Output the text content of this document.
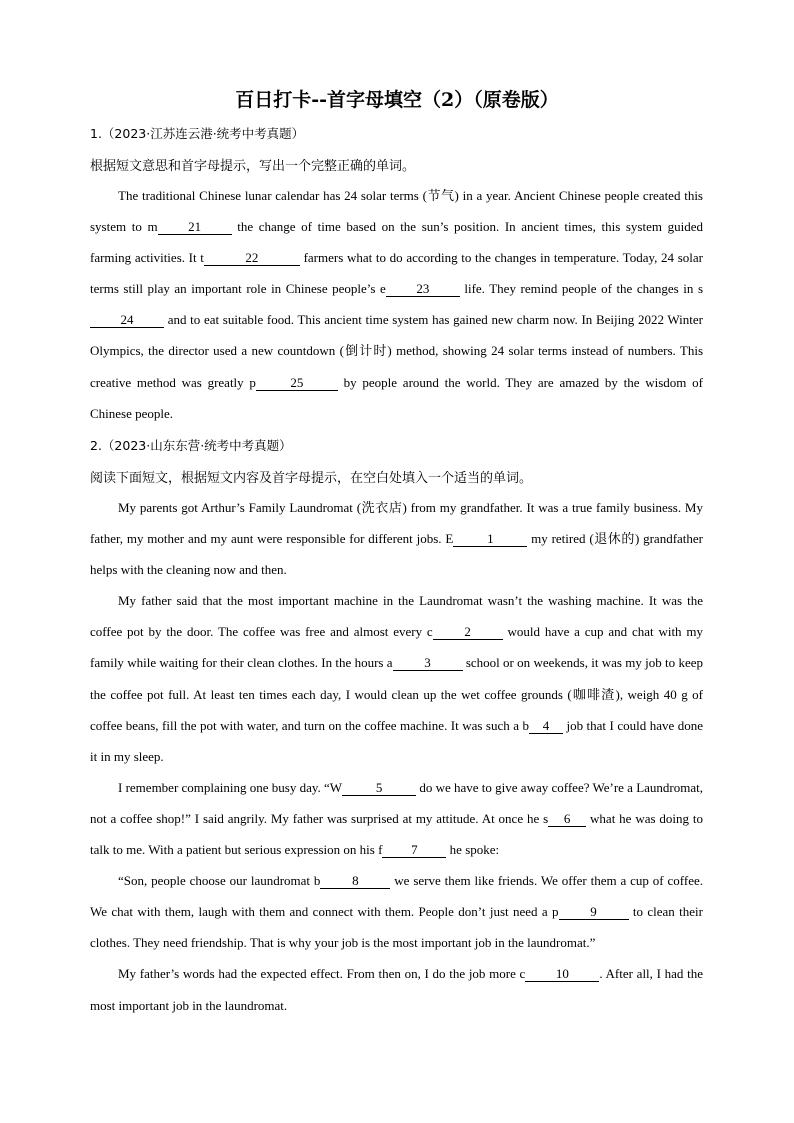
百日打卡--首字母填空（2）（原卷版）
1.（2023·江苏连云港·统考中考真题）
根据短文意思和首字母提示，写出一个完整正确的单词。

The traditional Chinese lunar calendar has 24 solar terms (节气) in a year. Ancient Chinese people created this system to m 21 the change of time based on the sun’s position. In ancient times, this system guided farming activities. It t	22	farmers what to do according to the changes in temperature. Today, 24 solar terms still play an important role in Chinese people’s e 23 life. They remind people of the changes in s24 and to eat suitable food. This ancient time system has gained new charm now. In Beijing 2022 Winter Olympics, the director used a new countdown (倒计时) method, showing 24 solar terms instead of numbers. This creative method was greatly p	25	by people around the world. They are amazed by the wisdom of Chinese people.

2.（2023·山东东营·统考中考真题）
阅读下面短文，根据短文内容及首字母提示，在空白处填入一个适当的单词。

My parents got Arthur’s Family Laundromat (洗衣店) from my grandfather. It was a true family business. My father, my mother and my aunt were responsible for different jobs. E	1	my retired (退休的) grandfather helps with the cleaning now and then.

My father said that the most important machine in the Laundromat wasn’t the washing machine. It was the coffee pot by the door. The coffee was free and almost every c 2 would have a cup and chat with my family while waiting for their clean clothes. In the hours a 3 school or on weekends, it was my job to keep the coffee pot full. At least ten times each day, I would clean up the wet coffee grounds (咖啡渣), weigh 40 g of coffee beans, fill the pot with water, and turn on the coffee machine. It was such a b 4 job that I could have done it in my sleep.

I remember complaining one busy day. “W	5	do we have to give away coffee? We’re a Laundromat, not a coffee shop!” I said angrily. My father was surprised at my attitude. At once he s 6 what he was doing to talk to me. With a patient but serious expression on his f 7 he spoke:

“Son, people choose our laundromat b 8 we serve them like friends. We offer them a cup of coffee. We chat with them, laugh with them and connect with them. People don’t just need a p 9 to clean their clothes. They need friendship. That is why your job is the most important job in the laundromat.”

My father’s words had the expected effect. From then on, I do the job more c 10 . After all, I had the most important job in the laundromat.
